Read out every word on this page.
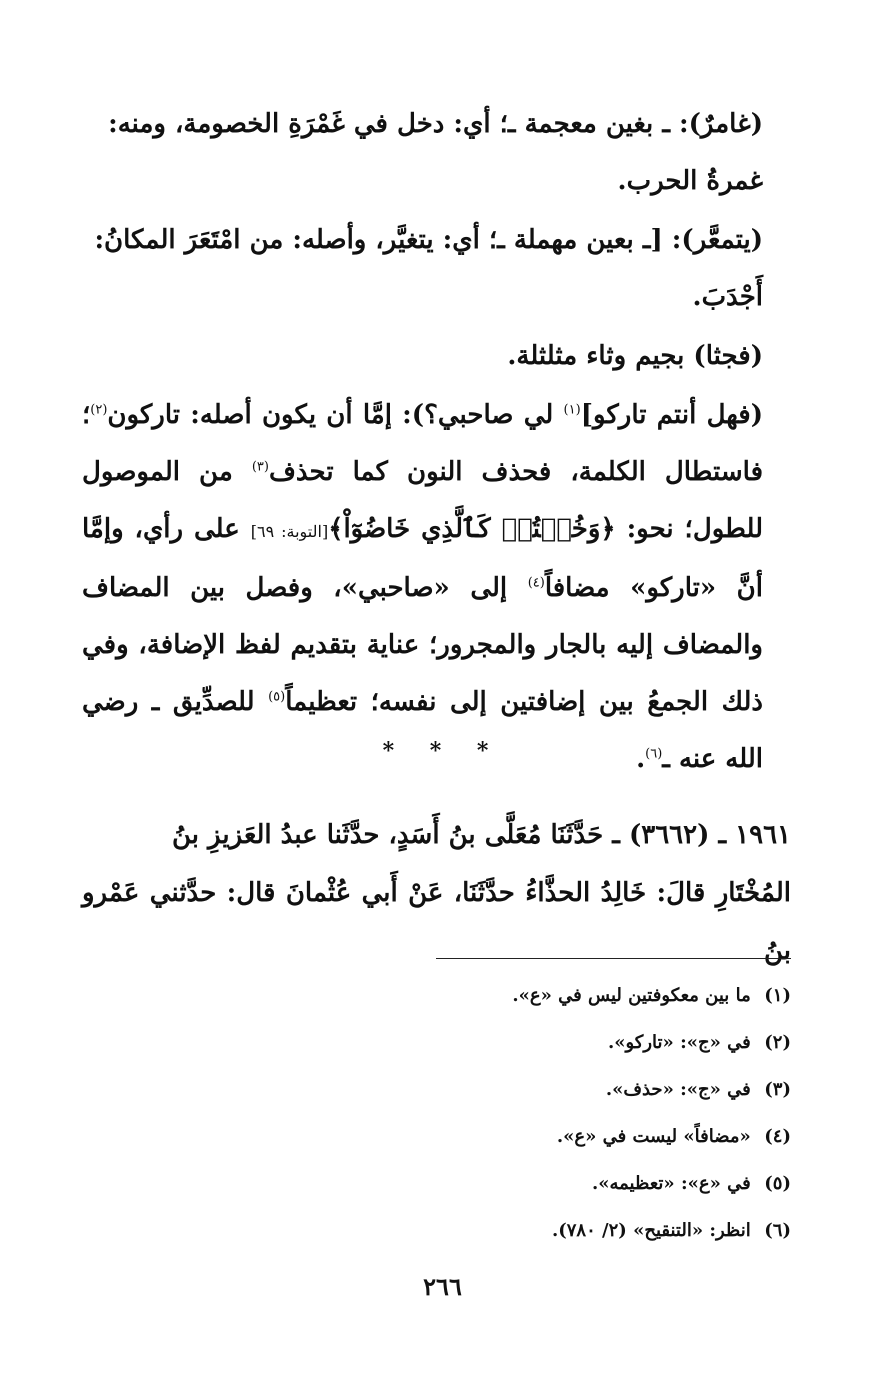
(غامرٌ): ـ بغين معجمة ـ؛ أي: دخل في غَمْرَةِ الخصومة، ومنه:
غمرةُ الحرب.

(يتمعَّر): [ـ بعين مهملة ـ؛ أي: يتغيَّر، وأصله: من امْتَعَرَ المكانُ:
أَجْدَبَ.

(فجثا) بجيم وثاء مثلثلة.

(فهل أنتم تاركو]$^{(١)}$ لي صاحبي؟): إمَّا أن يكون أصله: تاركون$^{(٢)}$؛ فاستطال الكلمة، فحذف النون كما تحذف$^{(٣)}$ من الموصول للطول؛ نحو: ﴿وَخُضۡتُمۡ كَٱلَّذِي خَاضُوٓاْ﴾[التوبة: ٦٩] على رأي، وإمَّا أنَّ «تاركو» مضافاً$^{(٤)}$ إلى «صاحبي»، وفصل بين المضاف والمضاف إليه بالجار والمجرور؛ عناية بتقديم لفظ الإضافة، وفي ذلك الجمعُ بين إضافتين إلى نفسه؛ تعظيماً$^{(٥)}$ للصدِّيق ـ رضي الله عنه ـ$^{(٦)}$.

* * *

١٩٦١ ـ (٣٦٦٢) ـ حَدَّثَنَا مُعَلَّى بنُ أَسَدٍ، حدَّثَنا عبدُ العَزيزِ بنُ
المُخْتَارِ قالَ: خَالِدُ الحذَّاءُ حدَّثَنَا، عَنْ أَبي عُثْمانَ قال: حدَّثني عَمْرو بنُ

(١) ما بين معكوفتين ليس في «ع».
(٢) في «ج»: «تاركو».
(٣) في «ج»: «حذف».
(٤) «مضافاً» ليست في «ع».
(٥) في «ع»: «تعظيمه».
(٦) انظر: «التنقيح» (٢/ ٧٨٠).
٢٦٦
